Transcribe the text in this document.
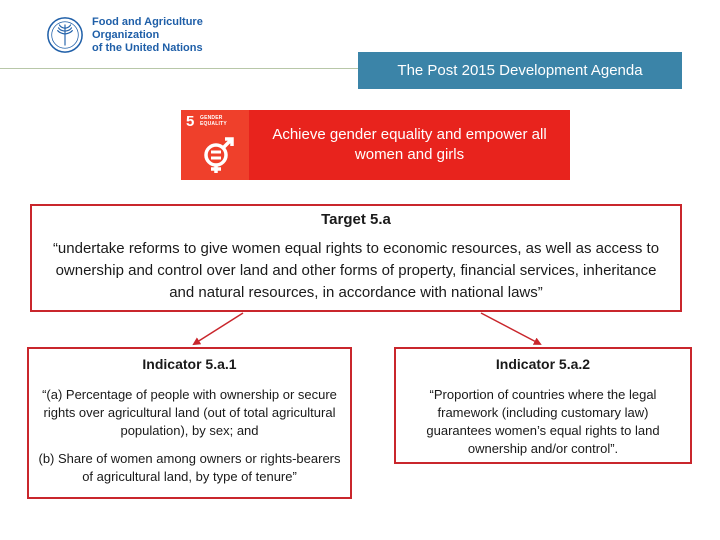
Food and Agriculture Organization
of the United Nations
The Post 2015 Development Agenda
5 GENDER
EQUALITY
Achieve gender equality and empower all women and girls
Target 5.a
“undertake reforms to give women equal rights to economic resources, as well as access to ownership and control over land and other forms of property, financial services, inheritance and natural resources, in accordance with national laws”
Indicator 5.a.1
“(a) Percentage of people with ownership or secure rights over agricultural land (out of total agricultural population), by sex; and
(b) Share of women among owners or rights-bearers of agricultural land, by type of tenure”
Indicator 5.a.2
“Proportion of countries where the legal framework (including customary law) guarantees women’s equal rights to land ownership and/or control”.
